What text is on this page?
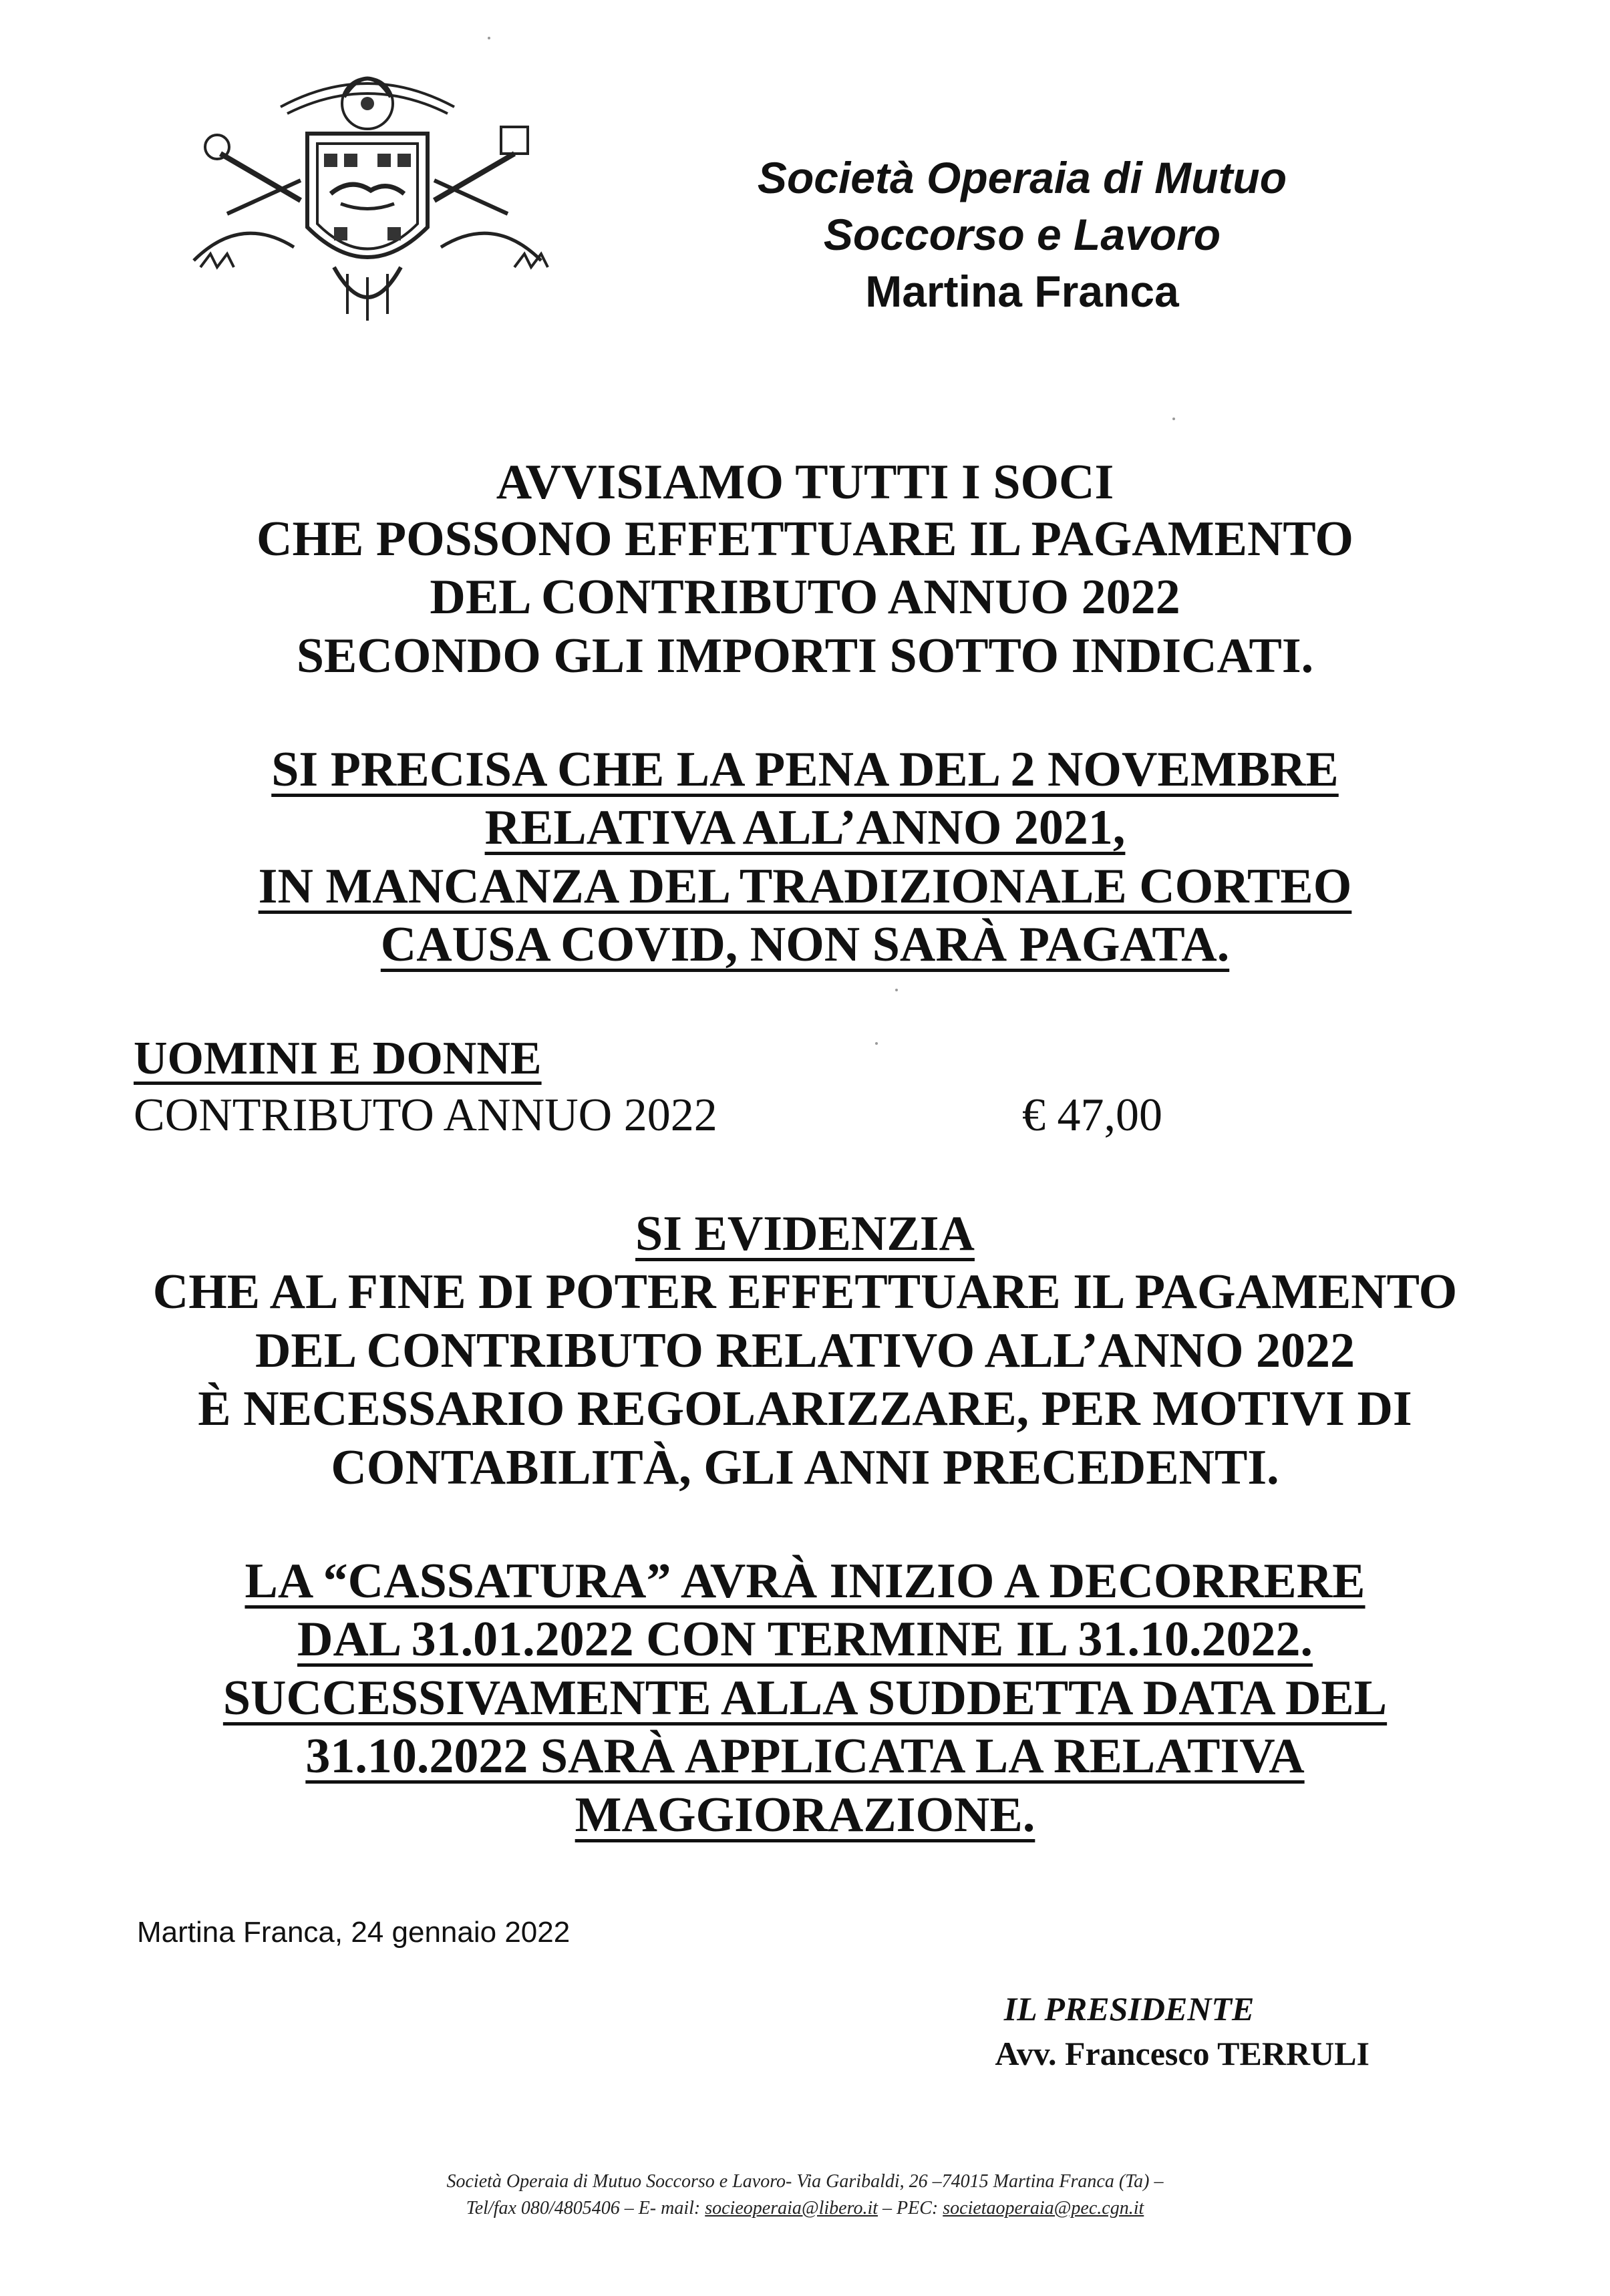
Società Operaia di Mutuo
Soccorso e Lavoro
Martina Franca
AVVISIAMO TUTTI I SOCI
CHE POSSONO EFFETTUARE IL PAGAMENTO
DEL CONTRIBUTO ANNUO 2022
SECONDO GLI IMPORTI SOTTO INDICATI.
SI PRECISA CHE LA PENA DEL 2 NOVEMBRE
RELATIVA ALL’ANNO 2021,
IN MANCANZA DEL TRADIZIONALE CORTEO
CAUSA COVID, NON SARÀ PAGATA.
UOMINI E DONNE
CONTRIBUTO ANNUO 2022	€ 47,00
SI EVIDENZIA
CHE AL FINE DI POTER EFFETTUARE IL PAGAMENTO
DEL CONTRIBUTO RELATIVO ALL’ANNO 2022
È NECESSARIO REGOLARIZZARE, PER MOTIVI DI
CONTABILITÀ, GLI ANNI PRECEDENTI.
LA “CASSATURA” AVRÀ INIZIO A DECORRERE
DAL 31.01.2022 CON TERMINE IL 31.10.2022.
SUCCESSIVAMENTE ALLA SUDDETTA DATA DEL
31.10.2022 SARÀ APPLICATA LA RELATIVA
MAGGIORAZIONE.
Martina Franca, 24 gennaio 2022
IL PRESIDENTE
Avv. Francesco TERRULI
Società Operaia di Mutuo Soccorso e Lavoro- Via Garibaldi, 26 –74015 Martina Franca (Ta) –
Tel/fax 080/4805406 – E- mail: socieoperaia@libero.it – PEC: societaoperaia@pec.cgn.it
